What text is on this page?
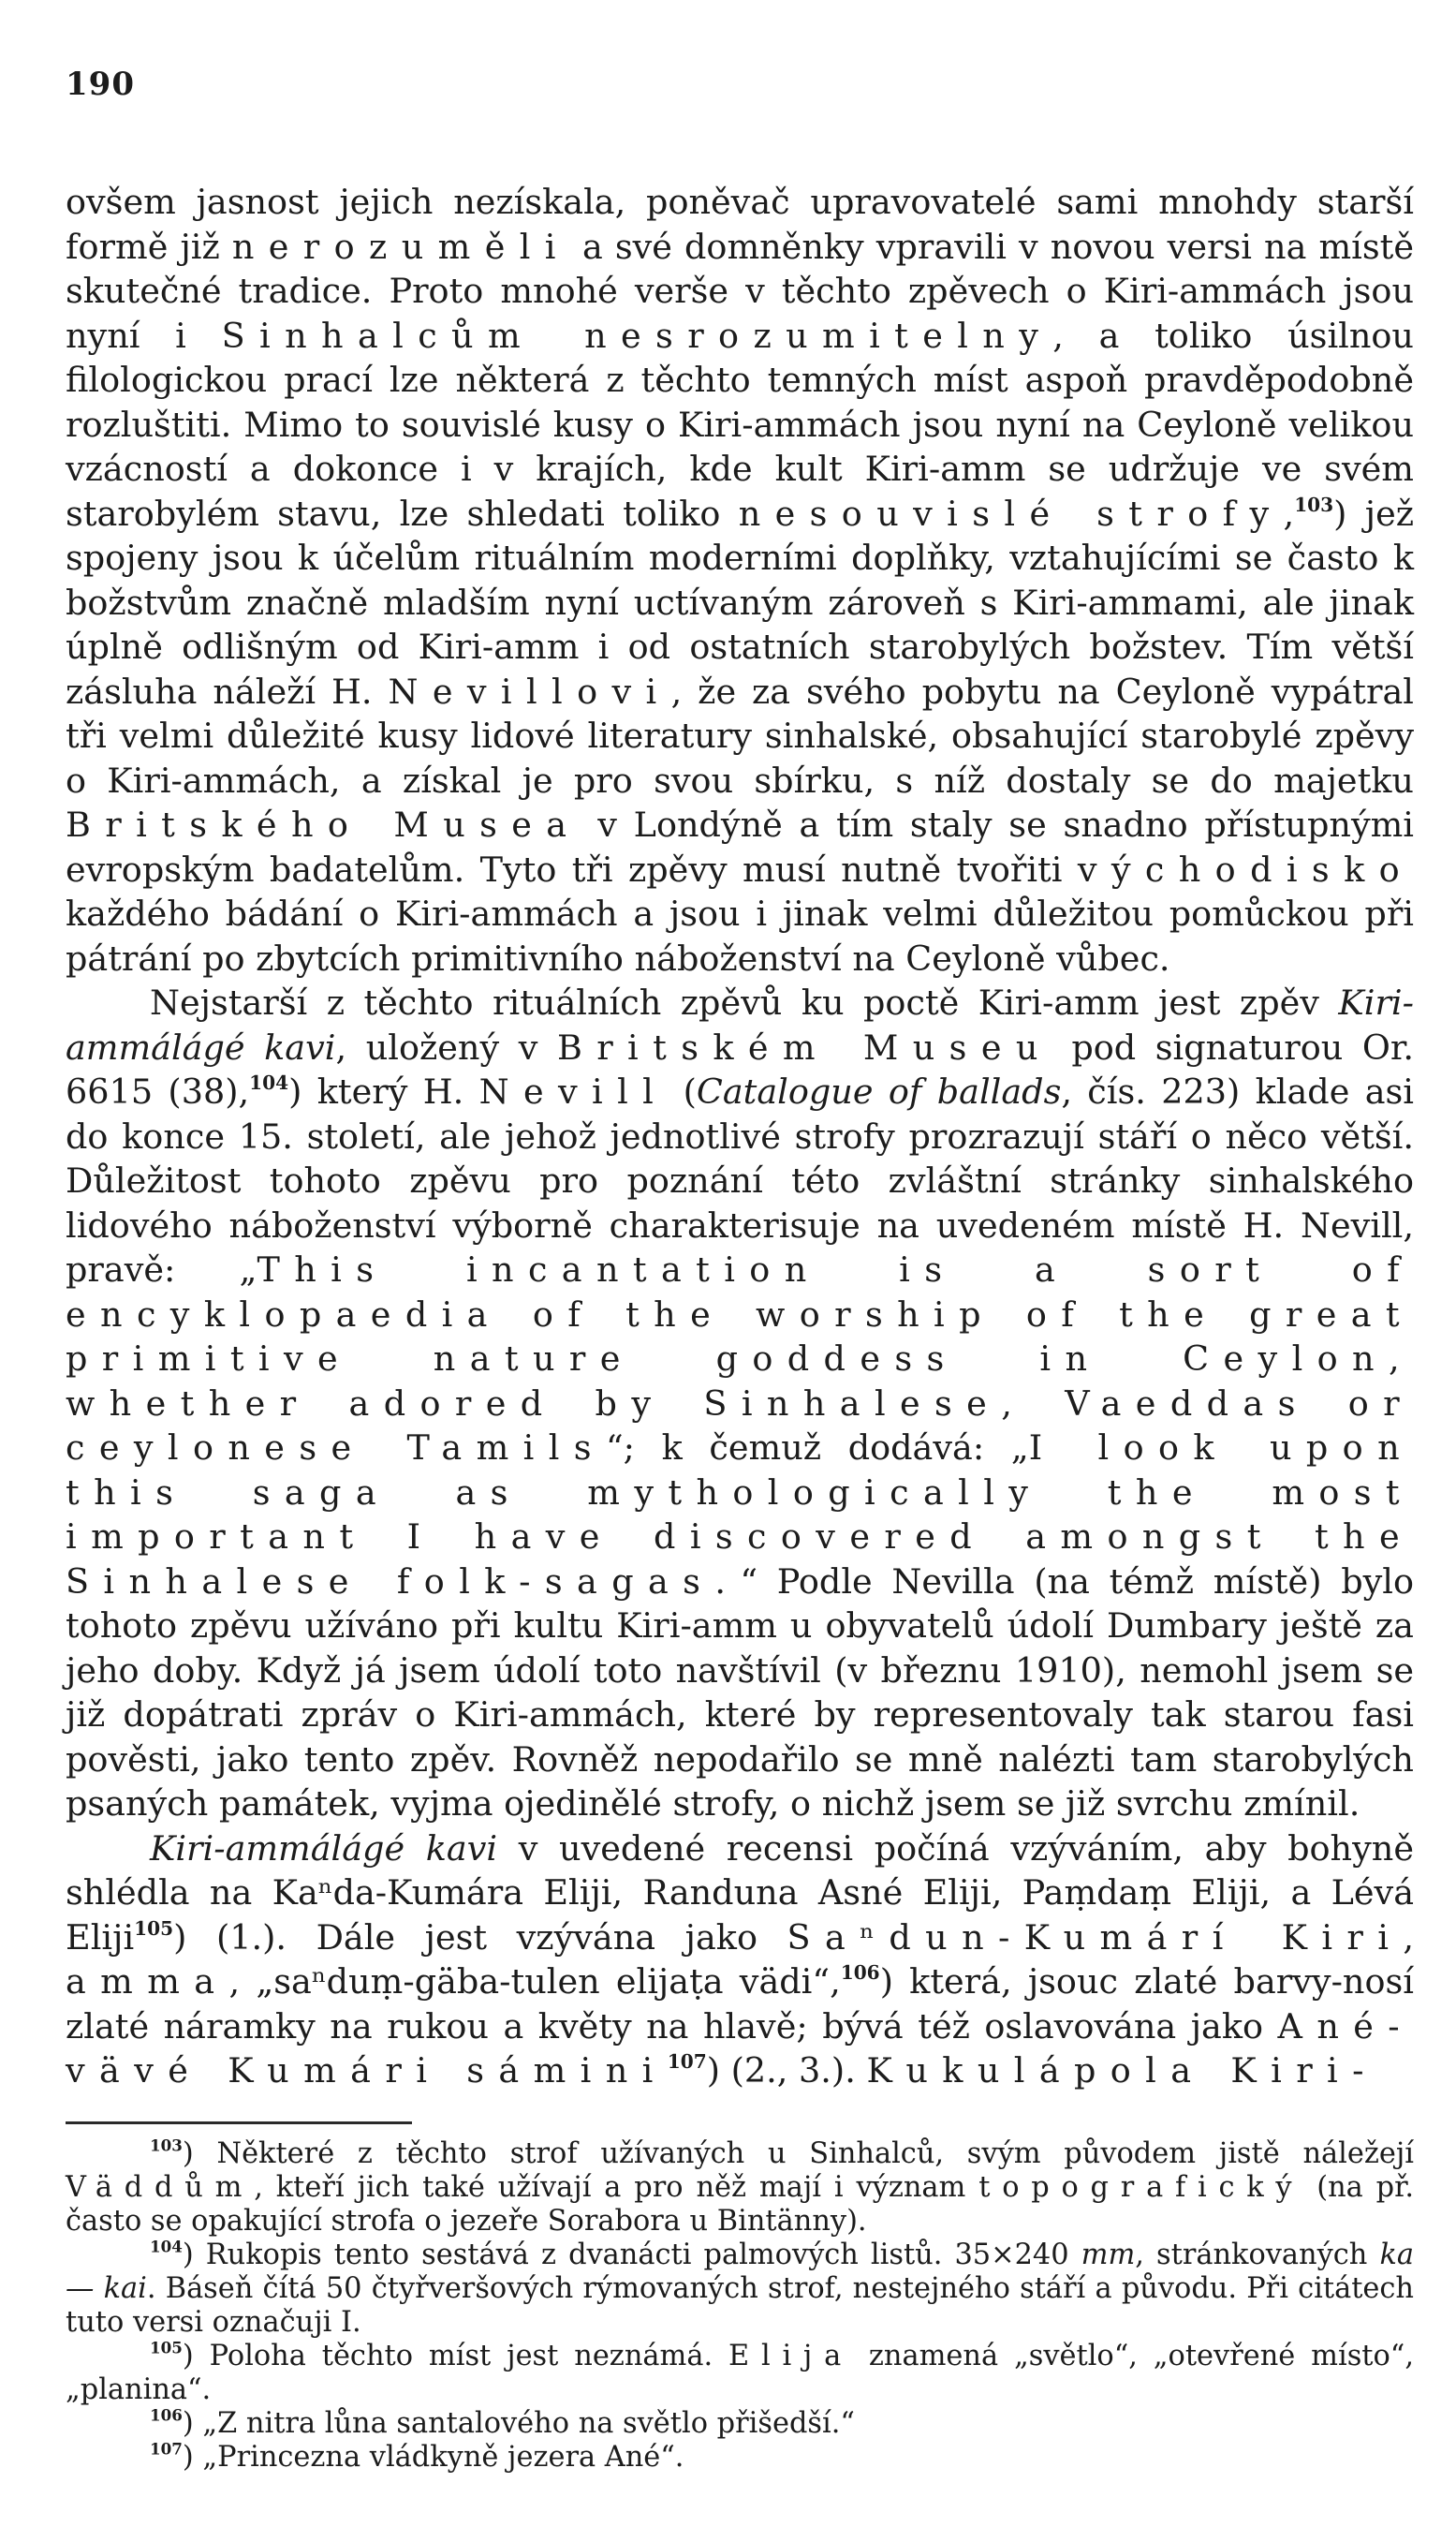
190

ovšem jasnost jejich nezískala, poněvač upravovatelé sami mnohdy starší formě již nerozuměli a své domněnky vpravili v novou versi na místě skutečné tradice. Proto mnohé verše v těchto zpěvech o Kiri-ammách jsou nyní i Sinhalcům nesrozumitelny, a toliko úsilnou filologickou prací lze některá z těchto temných míst aspoň pravděpodobně rozluštiti. Mimo to souvislé kusy o Kiri-ammách jsou nyní na Ceyloně velikou vzácností a dokonce i v krajích, kde kult Kiri-amm se udržuje ve svém starobylém stavu, lze shledati toliko nesouvislé strofy,$^{103}$) jež spojeny jsou k účelům rituálním moderními doplňky, vztahujícími se často k božstvům značně mladším nyní uctívaným zároveň s Kiri-ammami, ale jinak úplně odlišným od Kiri-amm i od ostatních starobylých božstev. Tím větší zásluha náleží H. Nevillovi, že za svého pobytu na Ceyloně vypátral tři velmi důležité kusy lidové literatury sinhalské, obsahující starobylé zpěvy o Kiri-ammách, a získal je pro svou sbírku, s níž dostaly se do majetku Britského Musea v Londýně a tím staly se snadno přístupnými evropským badatelům. Tyto tři zpěvy musí nutně tvořiti východisko každého bádání o Kiri-ammách a jsou i jinak velmi důležitou pomůckou při pátrání po zbytcích primitivního náboženství na Ceyloně vůbec.

Nejstarší z těchto rituálních zpěvů ku poctě Kiri-amm jest zpěv Kiri-ammálágé kavi, uložený v Britském Museu pod signaturou Or. 6615 (38),$^{104}$) který H. Nevill (Catalogue of ballads, čís. 223) klade asi do konce 15. století, ale jehož jednotlivé strofy prozrazují stáří o něco větší. Důležitost tohoto zpěvu pro poznání této zvláštní stránky sinhalského lidového náboženství výborně charakterisuje na uvedeném místě H. Nevill, pravě: „This incantation is a sort of encyklopaedia of the worship of the great primitive nature goddess in Ceylon, whether adored by Sinhalese, Vaeddas or ceylonese Tamils“; k čemuž dodává: „I look upon this saga as mythologically the most important I have discovered amongst the Sinhalese folk-sagas.“ Podle Nevilla (na témž místě) bylo tohoto zpěvu užíváno při kultu Kiri-amm u obyvatelů údolí Dumbary ještě za jeho doby. Když já jsem údolí toto navštívil (v březnu 1910), nemohl jsem se již dopátrati zpráv o Kiri-ammách, které by representovaly tak starou fasi pověsti, jako tento zpěv. Rovněž nepodařilo se mně nalézti tam starobylých psaných památek, vyjma ojedinělé strofy, o nichž jsem se již svrchu zmínil.

Kiri-ammálágé kavi v uvedené recensi počíná vzýváním, aby bohyně shlédla na Kaⁿda-Kumára Eliji, Randuna Asné Eliji, Paṃdaṃ Eliji, a Lévá Eliji$^{105}$) (1.). Dále jest vzývána jako Saⁿdun-Kumárí Kiri, amma, „saⁿduṃ-gäba-tulen elijaṭa vädi“,$^{106}$) která, jsouc zlaté barvy-nosí zlaté náramky na rukou a květy na hlavě; bývá též oslavována jako Ané-vävé Kumári sámini$^{107}$) (2., 3.). Kukulápola Kiri-

$^{103}$) Některé z těchto strof užívaných u Sinhalců, svým původem jistě náležejí Väddům, kteří jich také užívají a pro něž mají i význam topografický (na př. často se opakující strofa o jezeře Sorabora u Bintänny).

$^{104}$) Rukopis tento sestává z dvanácti palmových listů. 35×240 mm, stránkovaných ka — kai. Báseň čítá 50 čtyřveršových rýmovaných strof, nestejného stáří a původu. Při citátech tuto versi označuji I.

$^{105}$) Poloha těchto míst jest neznámá. Elija znamená „světlo“, „otevřené místo“, „planina“.

$^{106}$) „Z nitra lůna santalového na světlo přišedší.“

$^{107}$) „Princezna vládkyně jezera Ané“.
